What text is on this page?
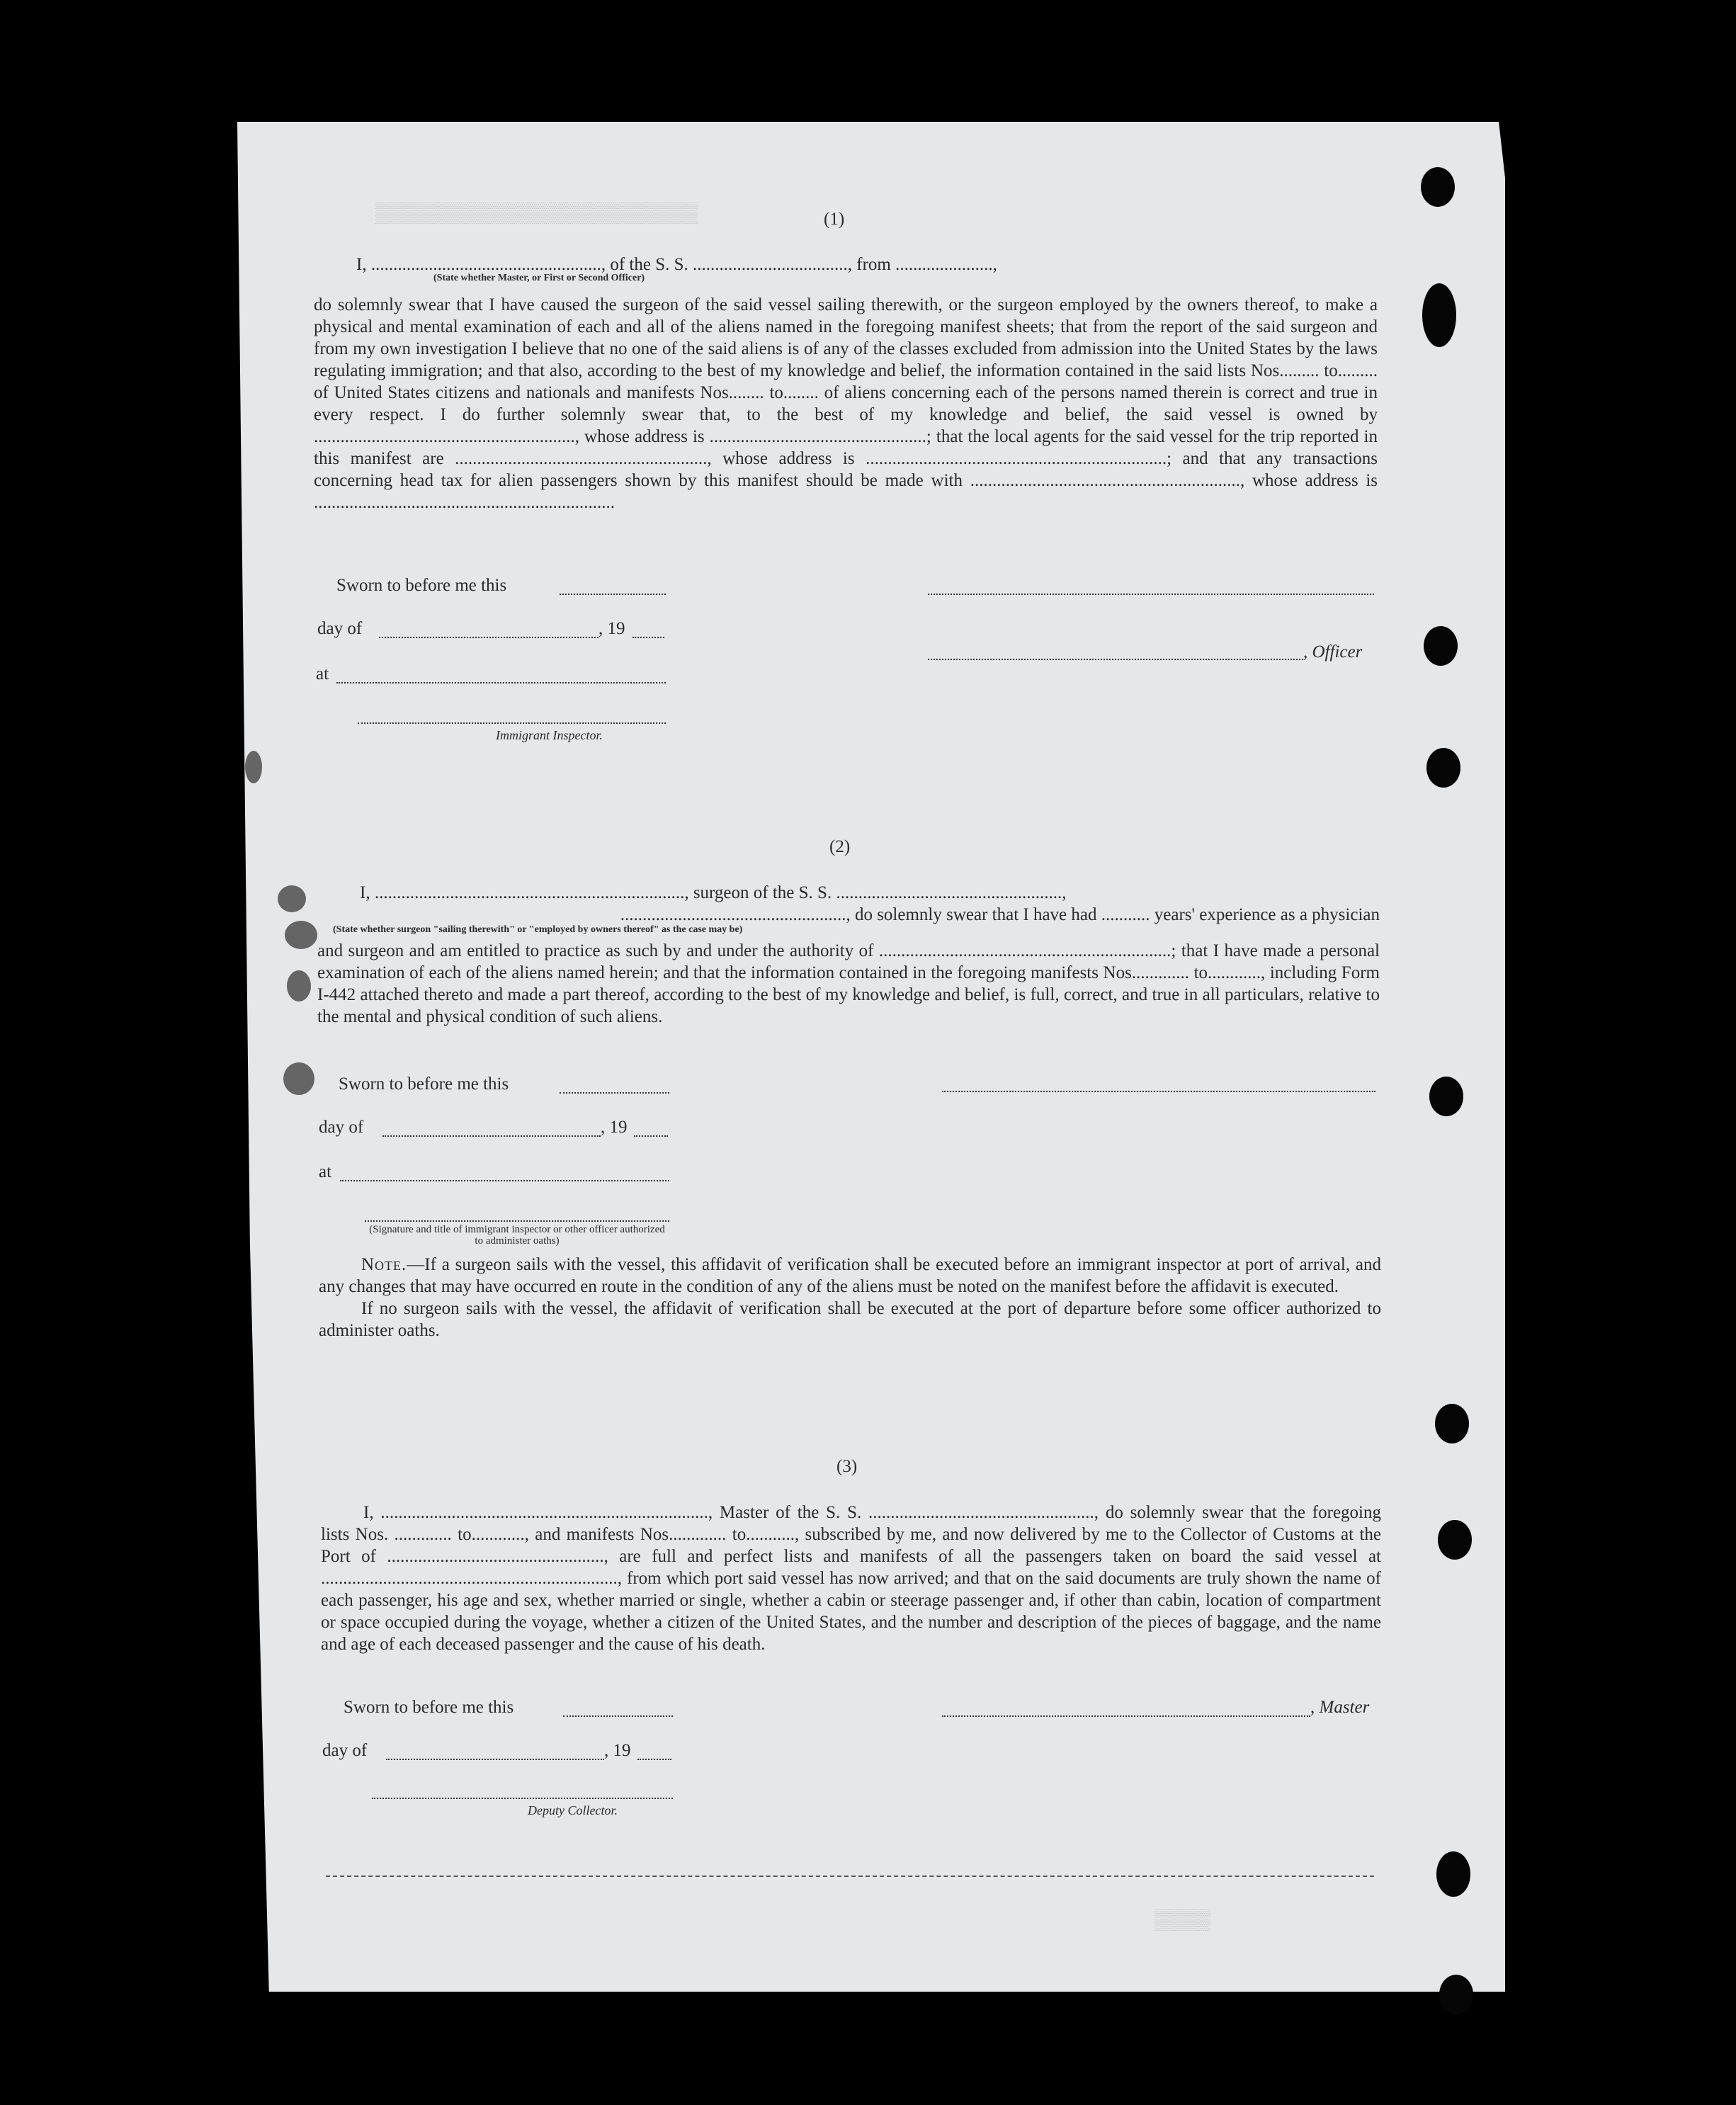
▒▒▒▒▒▒▒▒▒▒▒▒▒▒▒▒▒▒▒▒▒▒▒
▒▒▒▒
(1)

I, ...................................................., of the S. S. ..................................., from ......................,

do solemnly swear that I have caused the surgeon of the said vessel sailing therewith, or the surgeon employed by the owners thereof, to make a physical and mental examination of each and all of the aliens named in the foregoing manifest sheets; that from the report of the said surgeon and from my own investigation I believe that no one of the said aliens is of any of the classes excluded from admission into the United States by the laws regulating immigration; and that also, according to the best of my knowledge and belief, the information contained in the said lists Nos......... to......... of United States citizens and nationals and manifests Nos........ to........ of aliens concerning each of the persons named therein is correct and true in every respect. I do further solemnly swear that, to the best of my knowledge and belief, the said vessel is owned by ..........................................................., whose address is .................................................; that the local agents for the said vessel for the trip reported in this manifest are ........................................................., whose address is ....................................................................; and that any transactions concerning head tax for alien passengers shown by this manifest should be made with ............................................................., whose address is ....................................................................

(State whether Master, or First or Second Officer)
Sworn to before me this
day of	, 19
at
Immigrant Inspector.
, Officer
(2)

I, ......................................................................, surgeon of the S. S. ...................................................,

..................................................., do solemnly swear that I have had ........... years' experience as a physician

and surgeon and am entitled to practice as such by and under the authority of ..................................................................; that I have made a personal examination of each of the aliens named herein; and that the information contained in the foregoing manifests Nos............. to............, including Form I-442 attached thereto and made a part thereof, according to the best of my knowledge and belief, is full, correct, and true in all particulars, relative to the mental and physical condition of such aliens.

(State whether surgeon "sailing therewith" or "employed by owners thereof" as the case may be)
Sworn to before me this
day of	, 19
at
(Signature and title of immigrant inspector or other officer authorized to administer oaths)

Note.—If a surgeon sails with the vessel, this affidavit of verification shall be executed before an immigrant inspector at port of arrival, and any changes that may have occurred en route in the condition of any of the aliens must be noted on the manifest before the affidavit is executed.

If no surgeon sails with the vessel, the affidavit of verification shall be executed at the port of departure before some officer authorized to administer oaths.

(3)

I, .........................................................................., Master of the S. S. ..................................................., do solemnly swear that the foregoing lists Nos. ............. to............, and manifests Nos............. to..........., subscribed by me, and now delivered by me to the Collector of Customs at the Port of ................................................., are full and perfect lists and manifests of all the passengers taken on board the said vessel at ..................................................................., from which port said vessel has now arrived; and that on the said documents are truly shown the name of each passenger, his age and sex, whether married or single, whether a cabin or steerage passenger and, if other than cabin, location of compartment or space occupied during the voyage, whether a citizen of the United States, and the number and description of the pieces of baggage, and the name and age of each deceased passenger and the cause of his death.

Sworn to before me this
day of	, 19
Deputy Collector.
, Master
